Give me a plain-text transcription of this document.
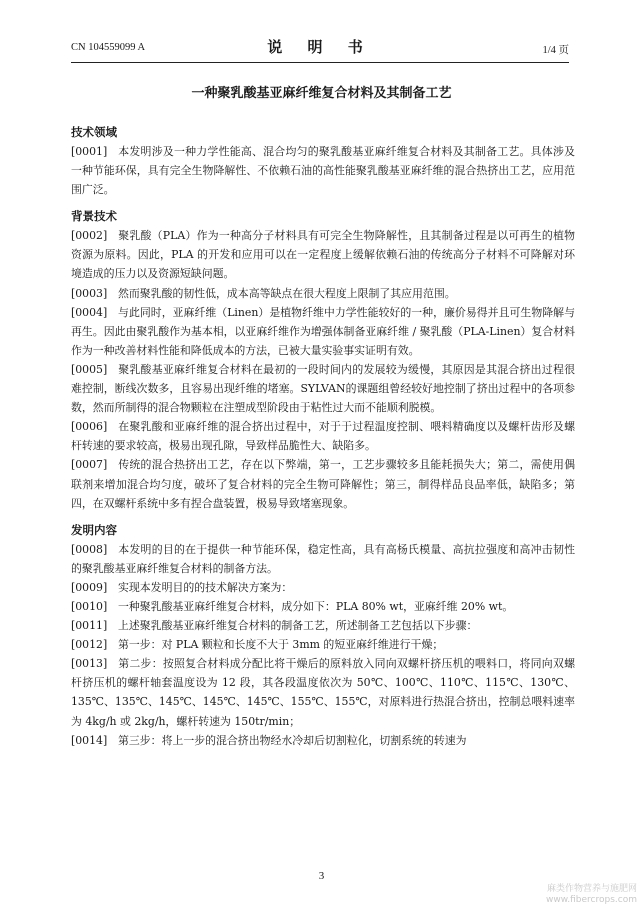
CN 104559099 A	说 明 书	1/4 页
一种聚乳酸基亚麻纤维复合材料及其制备工艺
技术领域

[0001] 本发明涉及一种力学性能高、混合均匀的聚乳酸基亚麻纤维复合材料及其制备工艺。具体涉及一种节能环保，具有完全生物降解性、不依赖石油的高性能聚乳酸基亚麻纤维的混合热挤出工艺，应用范围广泛。

背景技术

[0002] 聚乳酸（PLA）作为一种高分子材料具有可完全生物降解性，且其制备过程是以可再生的植物资源为原料。因此，PLA 的开发和应用可以在一定程度上缓解依赖石油的传统高分子材料不可降解对环境造成的压力以及资源短缺问题。

[0003] 然而聚乳酸的韧性低，成本高等缺点在很大程度上限制了其应用范围。

[0004] 与此同时，亚麻纤维（Linen）是植物纤维中力学性能较好的一种，廉价易得并且可生物降解与再生。因此由聚乳酸作为基本相，以亚麻纤维作为增强体制备亚麻纤维 / 聚乳酸（PLA-Linen）复合材料作为一种改善材料性能和降低成本的方法，已被大量实验事实证明有效。

[0005] 聚乳酸基亚麻纤维复合材料在最初的一段时间内的发展较为缓慢，其原因是其混合挤出过程很难控制，断线次数多，且容易出现纤维的堵塞。SYLVAN的课题组曾经较好地控制了挤出过程中的各项参数，然而所制得的混合物颗粒在注塑成型阶段由于粘性过大而不能顺利脱模。

[0006] 在聚乳酸和亚麻纤维的混合挤出过程中，对于于过程温度控制、喂料精确度以及螺杆齿形及螺杆转速的要求较高，极易出现孔隙，导致样品脆性大、缺陷多。

[0007] 传统的混合热挤出工艺，存在以下弊端，第一，工艺步骤较多且能耗损失大；第二，需使用偶联剂来增加混合均匀度，破坏了复合材料的完全生物可降解性；第三，制得样品良品率低，缺陷多；第四，在双螺杆系统中多有捏合盘装置，极易导致堵塞现象。

发明内容

[0008] 本发明的目的在于提供一种节能环保，稳定性高，具有高杨氏模量、高抗拉强度和高冲击韧性的聚乳酸基亚麻纤维复合材料的制备方法。

[0009] 实现本发明目的的技术解决方案为：

[0010] 一种聚乳酸基亚麻纤维复合材料，成分如下：PLA 80% wt，亚麻纤维 20% wt。

[0011] 上述聚乳酸基亚麻纤维复合材料的制备工艺，所述制备工艺包括以下步骤：

[0012] 第一步：对 PLA 颗粒和长度不大于 3mm 的短亚麻纤维进行干燥；

[0013] 第二步：按照复合材料成分配比将干燥后的原料放入同向双螺杆挤压机的喂料口，将同向双螺杆挤压机的螺杆轴套温度设为 12 段，其各段温度依次为 50℃、100℃、110℃、115℃、130℃、135℃、135℃、145℃、145℃、145℃、155℃、155℃，对原料进行热混合挤出，控制总喂料速率为 4kg/h 或 2kg/h，螺杆转速为 150tr/min；

[0014] 第三步：将上一步的混合挤出物经水冷却后切割粒化，切割系统的转速为

3
麻类作物营养与施肥网
www.fibercrops.com
